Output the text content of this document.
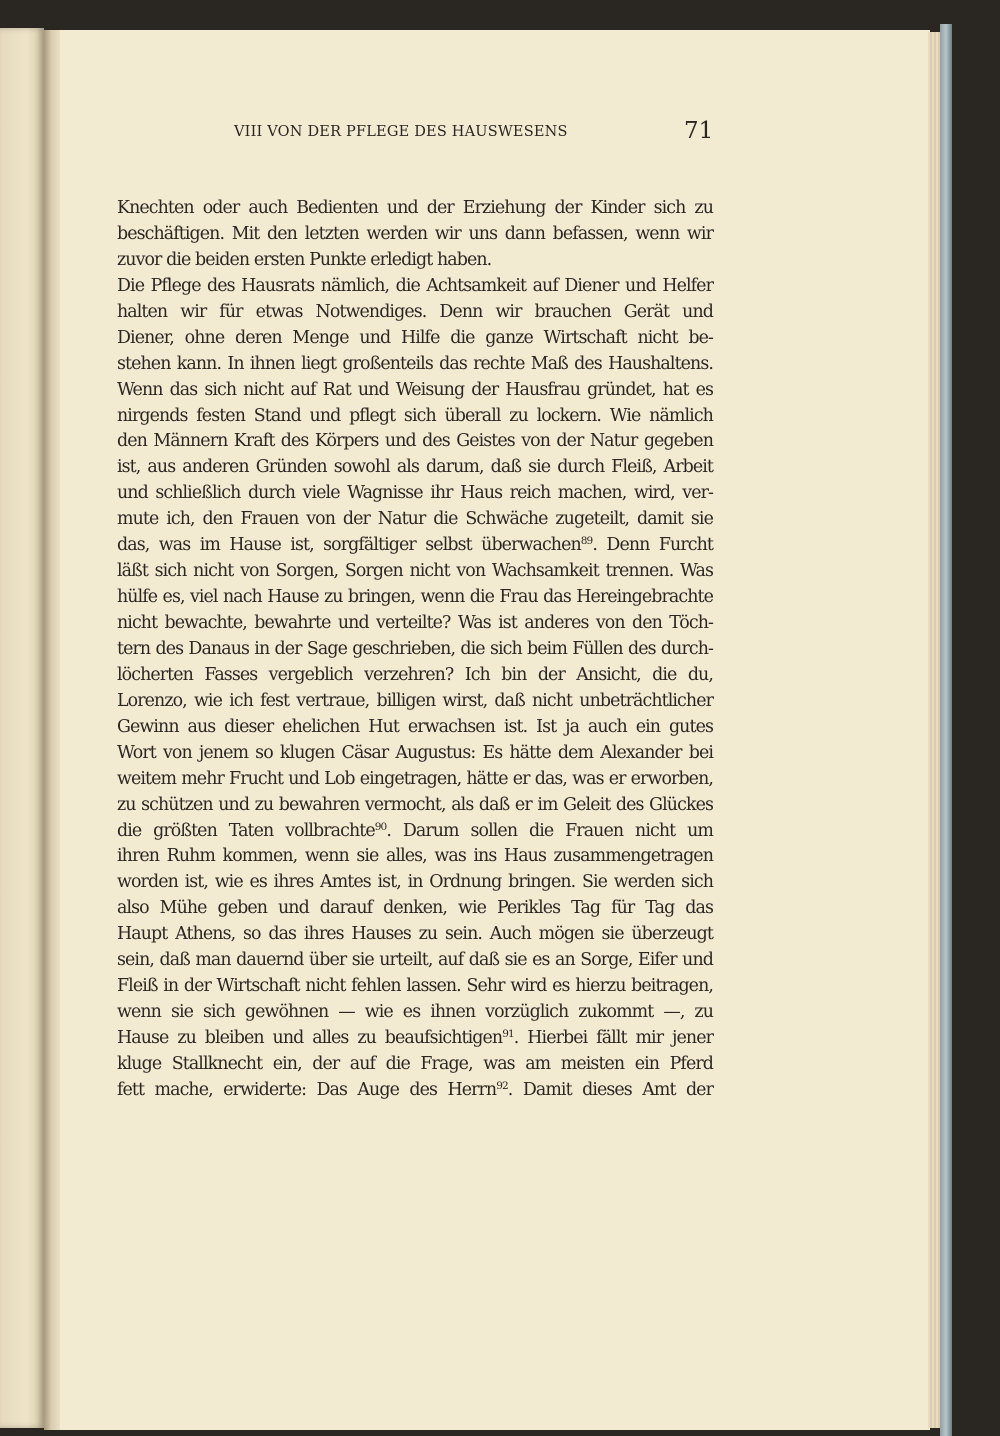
VIII VON DER PFLEGE DES HAUSWESENS	71
Knechten oder auch Bedienten und der Erziehung der Kinder sich zu
beschäftigen. Mit den letzten werden wir uns dann befassen, wenn wir
zuvor die beiden ersten Punkte erledigt haben.
Die Pflege des Hausrats nämlich, die Achtsamkeit auf Diener und Helfer
halten wir für etwas Notwendiges. Denn wir brauchen Gerät und
Diener, ohne deren Menge und Hilfe die ganze Wirtschaft nicht be-
stehen kann. In ihnen liegt großenteils das rechte Maß des Haushaltens.
Wenn das sich nicht auf Rat und Weisung der Hausfrau gründet, hat es
nirgends festen Stand und pflegt sich überall zu lockern. Wie nämlich
den Männern Kraft des Körpers und des Geistes von der Natur gegeben
ist, aus anderen Gründen sowohl als darum, daß sie durch Fleiß, Arbeit
und schließlich durch viele Wagnisse ihr Haus reich machen, wird, ver-
mute ich, den Frauen von der Natur die Schwäche zugeteilt, damit sie
das, was im Hause ist, sorgfältiger selbst überwachen$^{89}$. Denn Furcht
läßt sich nicht von Sorgen, Sorgen nicht von Wachsamkeit trennen. Was
hülfe es, viel nach Hause zu bringen, wenn die Frau das Hereingebrachte
nicht bewachte, bewahrte und verteilte? Was ist anderes von den Töch-
tern des Danaus in der Sage geschrieben, die sich beim Füllen des durch-
löcherten Fasses vergeblich verzehren? Ich bin der Ansicht, die du,
Lorenzo, wie ich fest vertraue, billigen wirst, daß nicht unbeträchtlicher
Gewinn aus dieser ehelichen Hut erwachsen ist. Ist ja auch ein gutes
Wort von jenem so klugen Cäsar Augustus: Es hätte dem Alexander bei
weitem mehr Frucht und Lob eingetragen, hätte er das, was er erworben,
zu schützen und zu bewahren vermocht, als daß er im Geleit des Glückes
die größten Taten vollbrachte$^{90}$. Darum sollen die Frauen nicht um
ihren Ruhm kommen, wenn sie alles, was ins Haus zusammengetragen
worden ist, wie es ihres Amtes ist, in Ordnung bringen. Sie werden sich
also Mühe geben und darauf denken, wie Perikles Tag für Tag das
Haupt Athens, so das ihres Hauses zu sein. Auch mögen sie überzeugt
sein, daß man dauernd über sie urteilt, auf daß sie es an Sorge, Eifer und
Fleiß in der Wirtschaft nicht fehlen lassen. Sehr wird es hierzu beitragen,
wenn sie sich gewöhnen — wie es ihnen vorzüglich zukommt —, zu
Hause zu bleiben und alles zu beaufsichtigen$^{91}$. Hierbei fällt mir jener
kluge Stallknecht ein, der auf die Frage, was am meisten ein Pferd
fett mache, erwiderte: Das Auge des Herrn$^{92}$. Damit dieses Amt der
